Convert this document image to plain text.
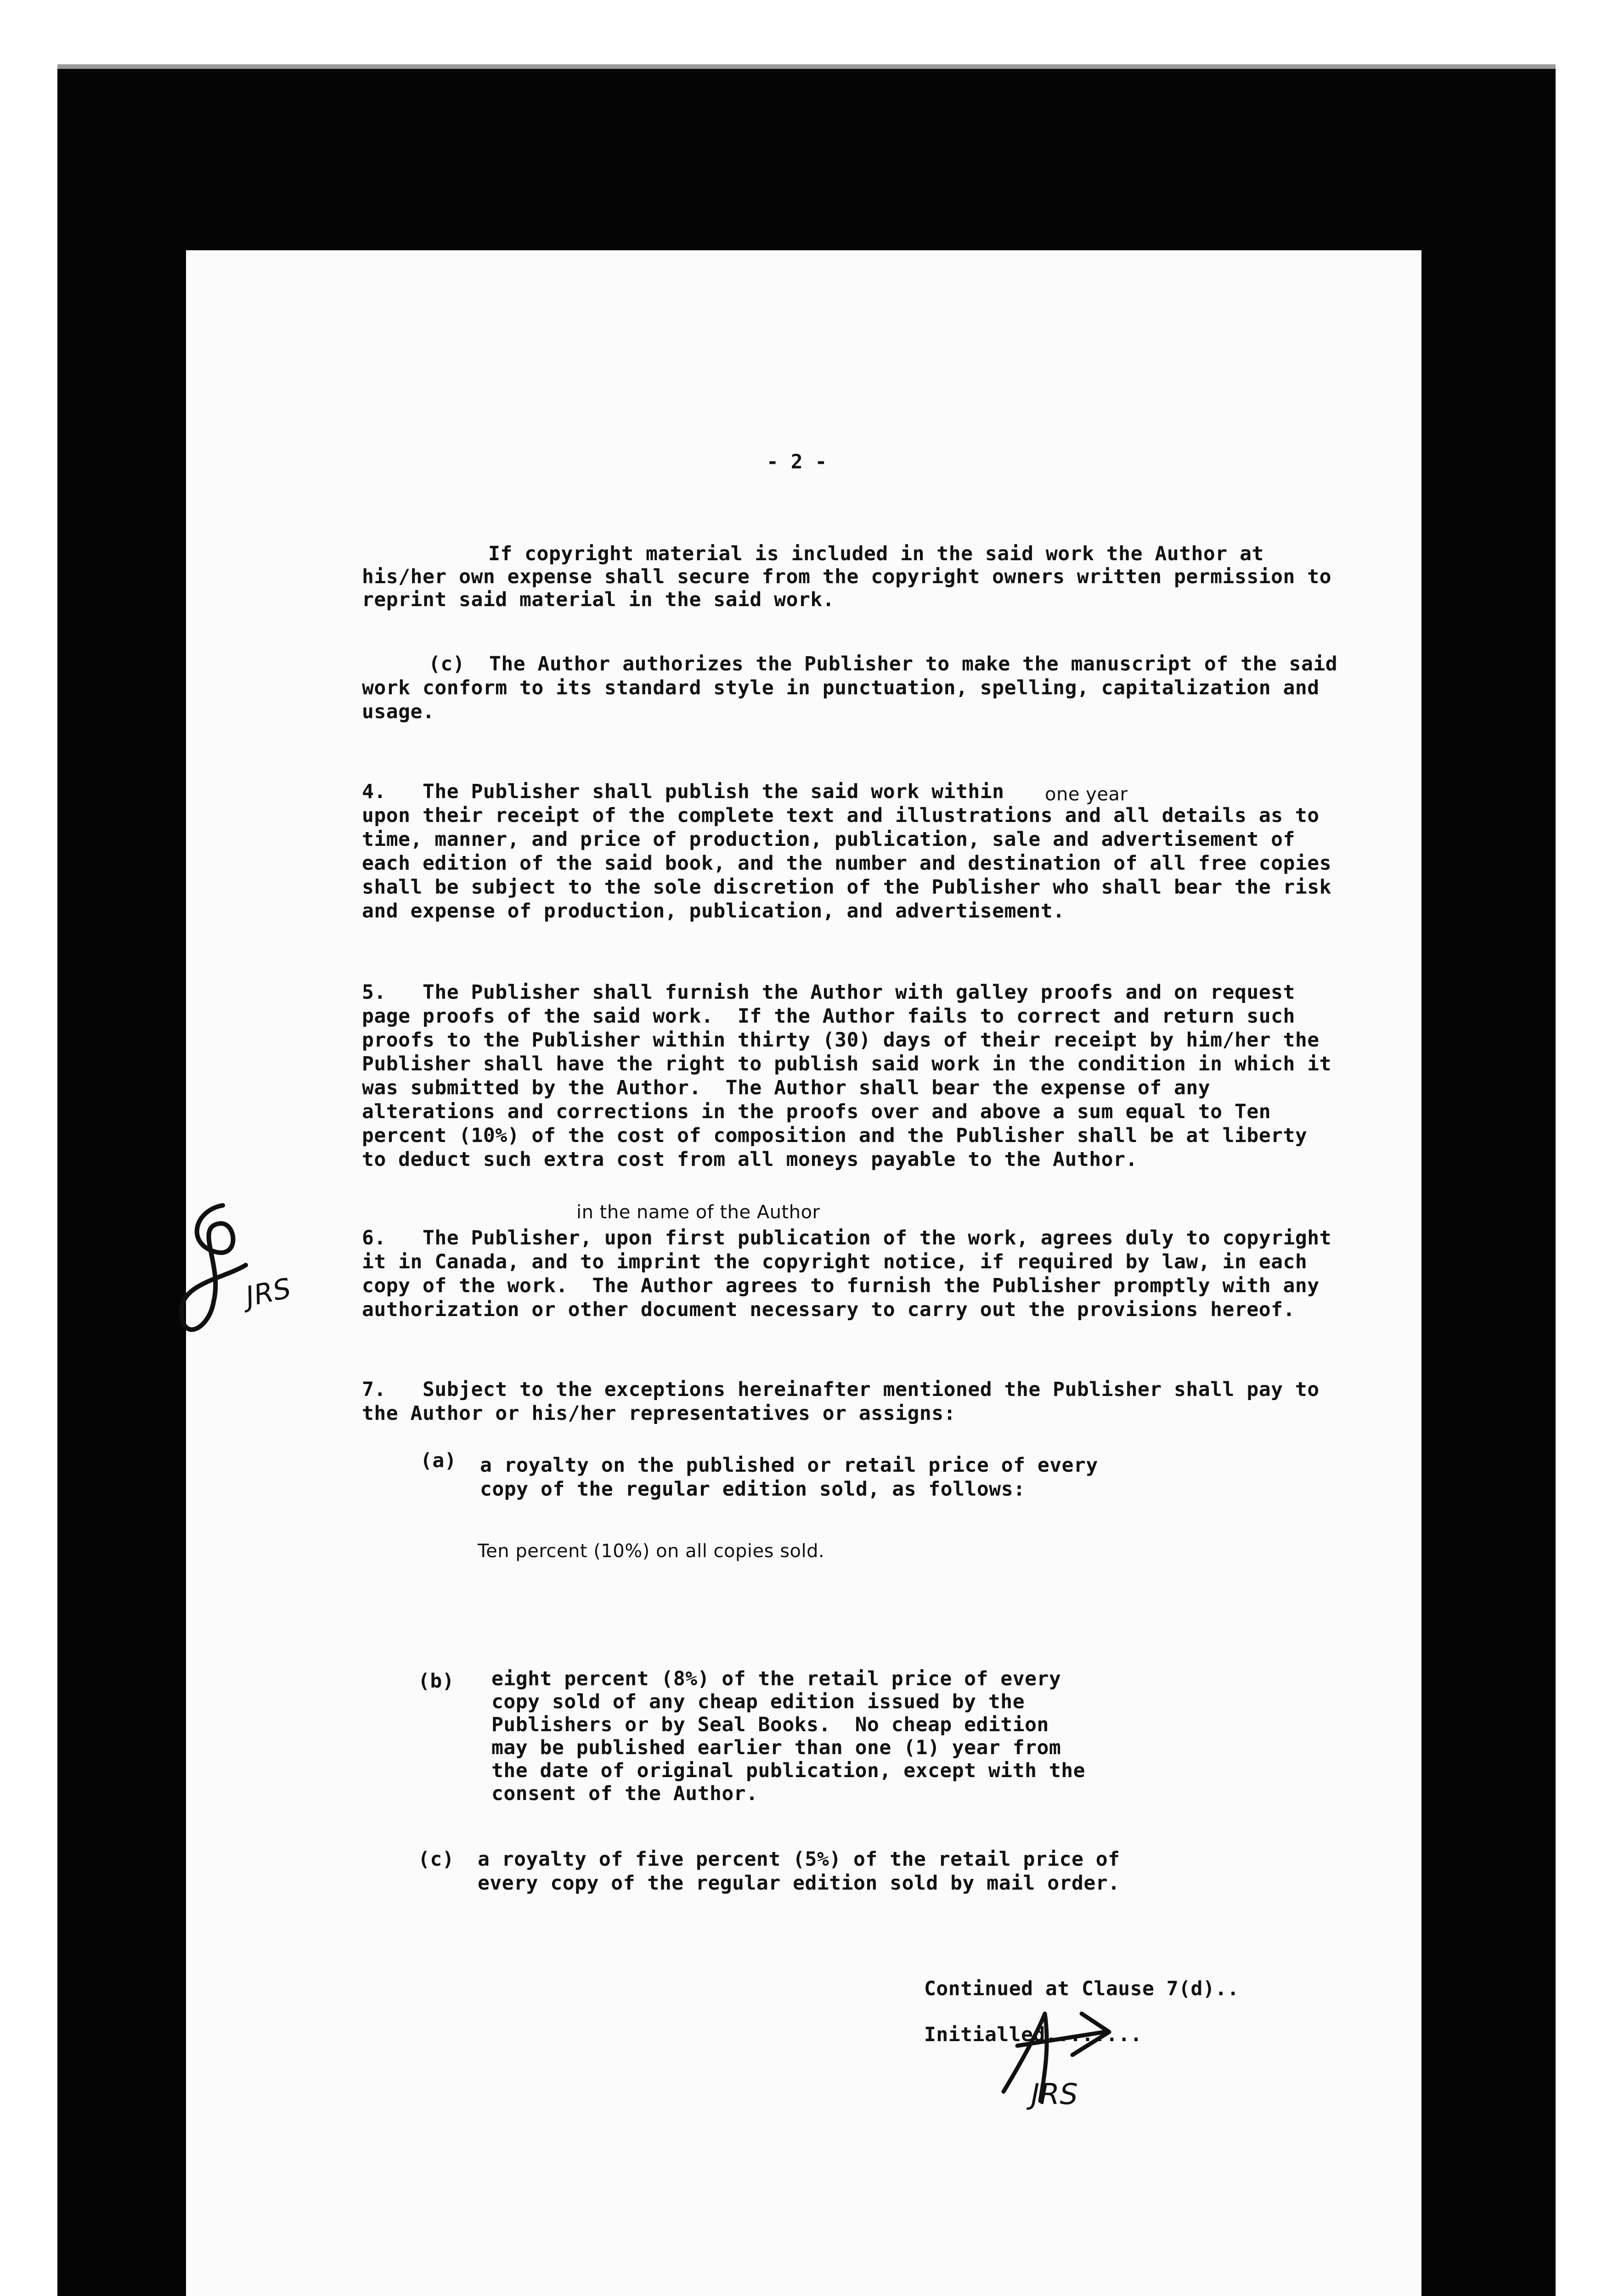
- 2 -

If copyright material is included in the said work the Author at

his/her own expense shall secure from the copyright owners written permission to

reprint said material in the said work.

(c)  The Author authorizes the Publisher to make the manuscript of the said

work conform to its standard style in punctuation, spelling, capitalization and

usage.

4.   The Publisher shall publish the said work within one year

upon their receipt of the complete text and illustrations and all details as to

time, manner, and price of production, publication, sale and advertisement of

each edition of the said book, and the number and destination of all free copies

shall be subject to the sole discretion of the Publisher who shall bear the risk

and expense of production, publication, and advertisement.

5.   The Publisher shall furnish the Author with galley proofs and on request

page proofs of the said work.  If the Author fails to correct and return such

proofs to the Publisher within thirty (30) days of their receipt by him/her the

Publisher shall have the right to publish said work in the condition in which it

was submitted by the Author.  The Author shall bear the expense of any

alterations and corrections in the proofs over and above a sum equal to Ten

percent (10%) of the cost of composition and the Publisher shall be at liberty

to deduct such extra cost from all moneys payable to the Author.

in the name of the Author

6.   The Publisher, upon first publication of the work, agrees duly to copyright

it in Canada, and to imprint the copyright notice, if required by law, in each

copy of the work.  The Author agrees to furnish the Publisher promptly with any

authorization or other document necessary to carry out the provisions hereof.

7.   Subject to the exceptions hereinafter mentioned the Publisher shall pay to

the Author or his/her representatives or assigns:

(a) a royalty on the published or retail price of every

copy of the regular edition sold, as follows:

Ten percent (10%) on all copies sold.

(b) eight percent (8%) of the retail price of every

copy sold of any cheap edition issued by the

Publishers or by Seal Books.  No cheap edition

may be published earlier than one (1) year from

the date of original publication, except with the

consent of the Author.

(c) a royalty of five percent (5%) of the retail price of

every copy of the regular edition sold by mail order.

Continued at Clause 7(d)..

Initialled........

JRS

JRS
